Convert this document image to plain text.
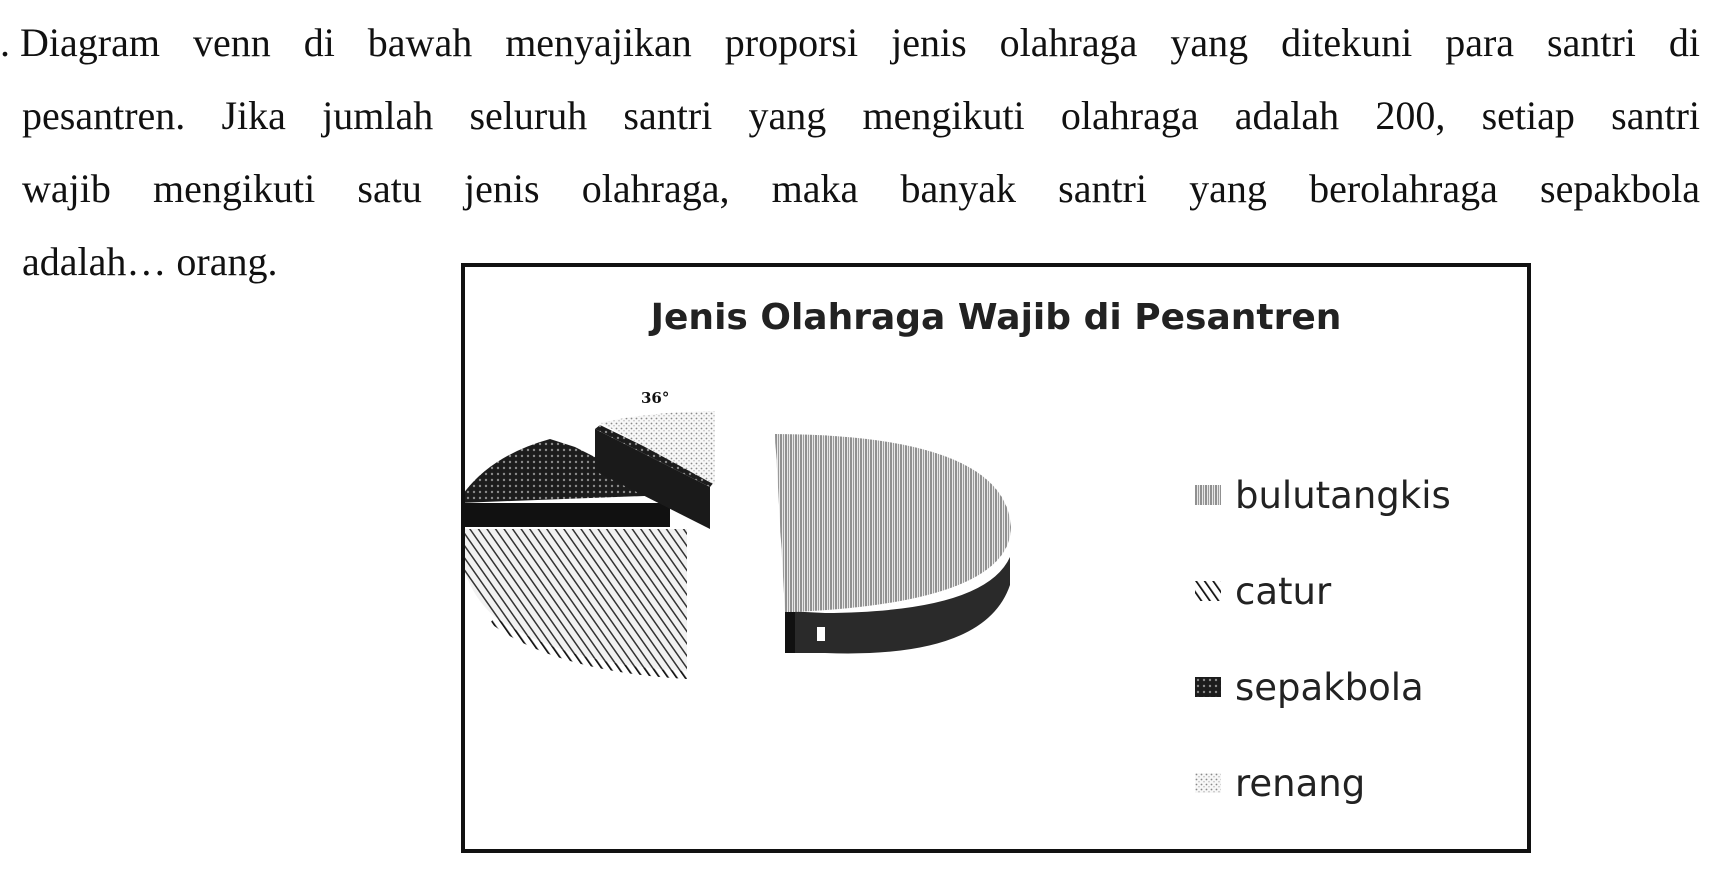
. Diagram venn di bawah menyajikan proporsi jenis olahraga yang ditekuni para santri di
pesantren. Jika jumlah seluruh santri yang mengikuti olahraga adalah 200, setiap santri
wajib mengikuti satu jenis olahraga, maka banyak santri yang berolahraga sepakbola
adalah… orang.
Jenis Olahraga Wajib di Pesantren
36°
bulutangkis
catur
sepakbola
renang
